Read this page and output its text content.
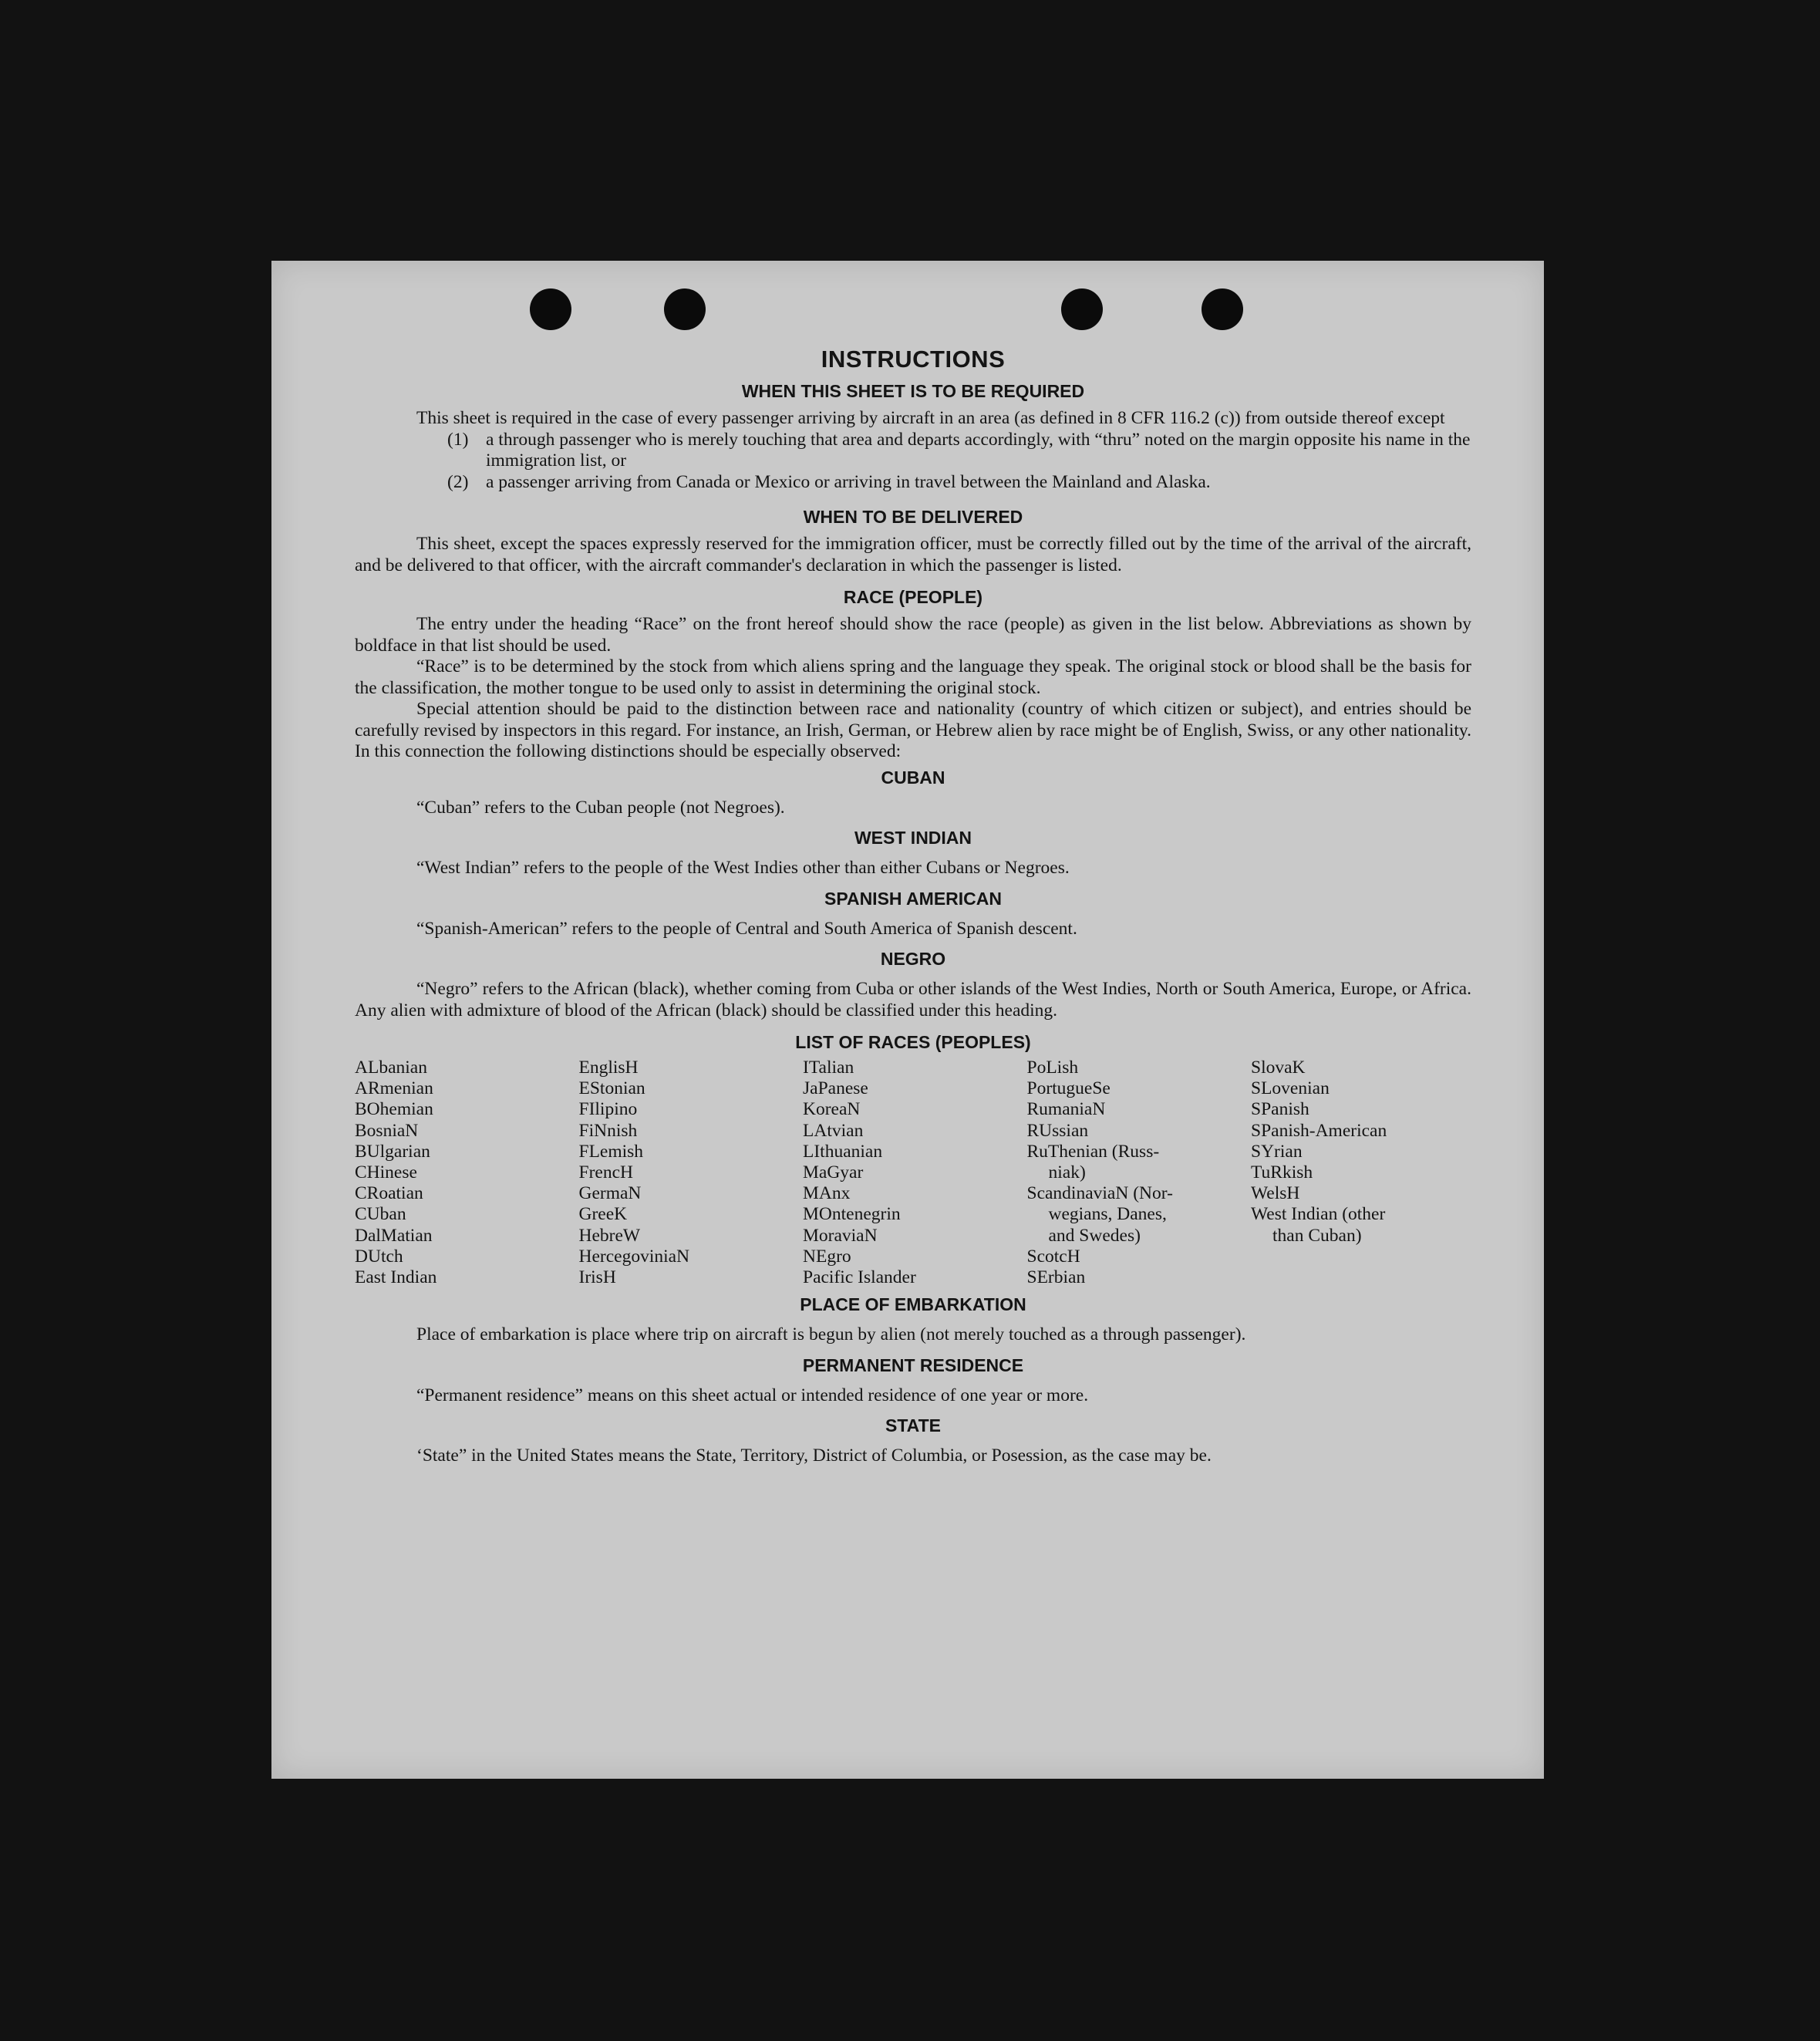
INSTRUCTIONS
WHEN THIS SHEET IS TO BE REQUIRED

This sheet is required in the case of every passenger arriving by aircraft in an area (as defined in 8 CFR 116.2 (c)) from outside thereof except

(1) a through passenger who is merely touching that area and departs accordingly, with “thru” noted on the margin opposite his name in the immigration list, or
(2) a passenger arriving from Canada or Mexico or arriving in travel between the Mainland and Alaska.
WHEN TO BE DELIVERED

This sheet, except the spaces expressly reserved for the immigration officer, must be correctly filled out by the time of the arrival of the aircraft, and be delivered to that officer, with the aircraft commander's declaration in which the passenger is listed.

RACE (PEOPLE)

The entry under the heading “Race” on the front hereof should show the race (people) as given in the list below. Abbreviations as shown by boldface in that list should be used.

“Race” is to be determined by the stock from which aliens spring and the language they speak. The original stock or blood shall be the basis for the classification, the mother tongue to be used only to assist in determining the original stock.

Special attention should be paid to the distinction between race and nationality (country of which citizen or subject), and entries should be carefully revised by inspectors in this regard. For instance, an Irish, German, or Hebrew alien by race might be of English, Swiss, or any other nationality. In this connection the following distinctions should be especially observed:

CUBAN

“Cuban” refers to the Cuban people (not Negroes).

WEST INDIAN

“West Indian” refers to the people of the West Indies other than either Cubans or Negroes.

SPANISH AMERICAN

“Spanish-American” refers to the people of Central and South America of Spanish descent.

NEGRO

“Negro” refers to the African (black), whether coming from Cuba or other islands of the West Indies, North or South America, Europe, or Africa. Any alien with admixture of blood of the African (black) should be classified under this heading.

LIST OF RACES (PEOPLES)
ALbanian
ARmenian
BOhemian
BosniaN
BUlgarian
CHinese
CRoatian
CUban
DalMatian
DUtch
East Indian
EnglisH
EStonian
FIlipino
FiNnish
FLemish
FrencH
GermaN
GreeK
HebreW
HercegoviniaN
IrisH
ITalian
JaPanese
KoreaN
LAtvian
LIthuanian
MaGyar
MAnx
MOntenegrin
MoraviaN
NEgro
Pacific Islander
PoLish
PortugueSe
RumaniaN
RUssian
RuThenian (Russ-
niak)
ScandinaviaN (Nor-
wegians, Danes,
and Swedes)
ScotcH
SErbian
SlovaK
SLovenian
SPanish
SPanish-American
SYrian
TuRkish
WelsH
West Indian (other
than Cuban)
PLACE OF EMBARKATION

Place of embarkation is place where trip on aircraft is begun by alien (not merely touched as a through passenger).

PERMANENT RESIDENCE

“Permanent residence” means on this sheet actual or intended residence of one year or more.

STATE

‘State” in the United States means the State, Territory, District of Columbia, or Posession, as the case may be.
